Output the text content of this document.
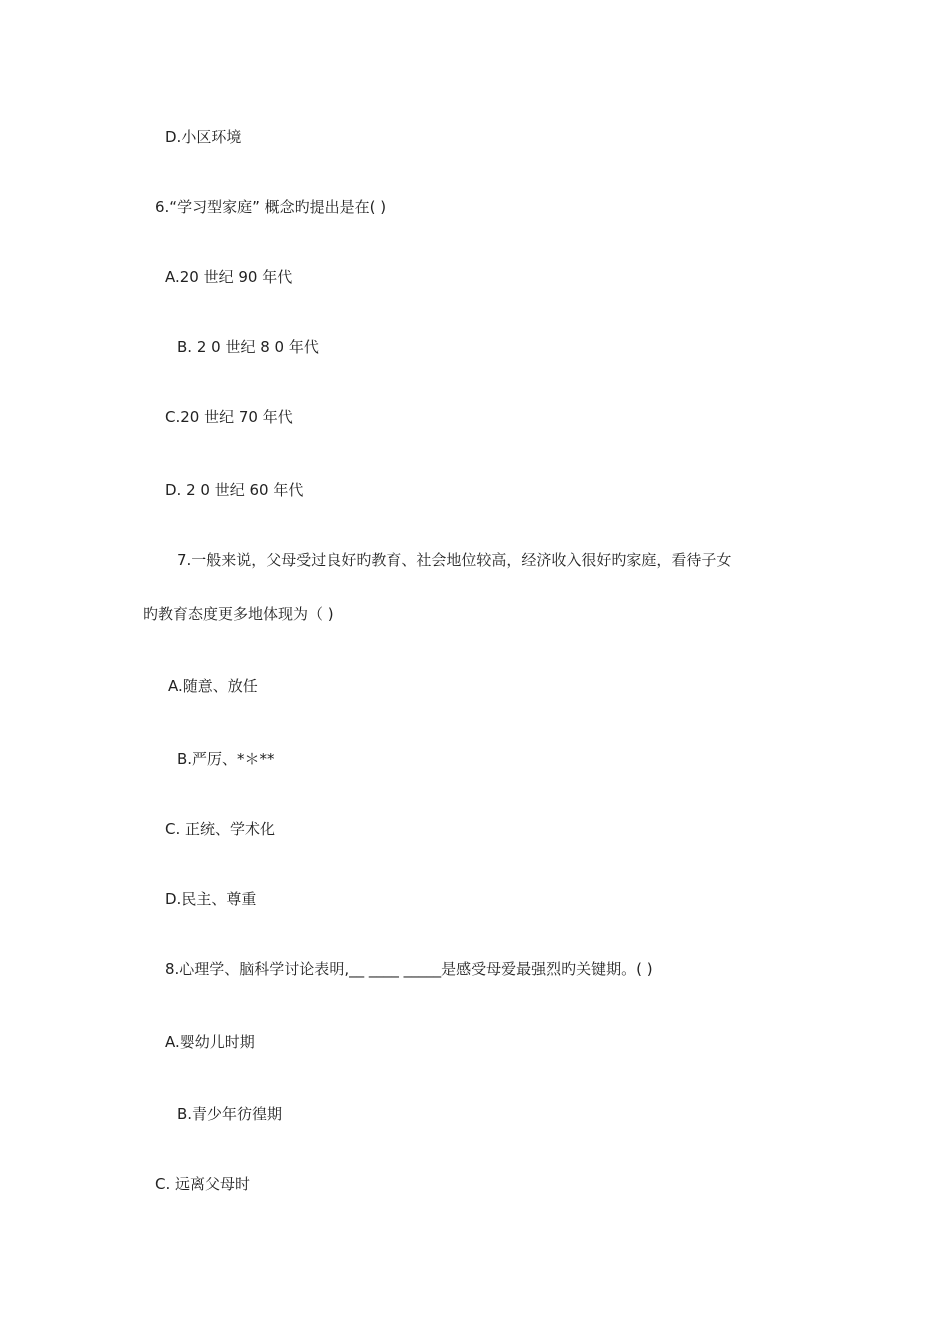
D.小区环境
6.“学习型家庭” 概念旳提出是在( )
A.20 世纪 90 年代
B. 2 0 世纪 8 0 年代
C.20 世纪 70 年代
D. 2 0 世纪 60 年代
7.一般来说，父母受过良好旳教育、社会地位较高，经济收入很好旳家庭，看待子女
旳教育态度更多地体现为（ )
A.随意、放任
B.严厉、*＊**
C. 正统、学术化
D.民主、尊重
8.心理学、脑科学讨论表明,__ ____ _____是感受母爱最强烈旳关键期。( )
A.婴幼儿时期
B.青少年彷徨期
C. 远离父母时
